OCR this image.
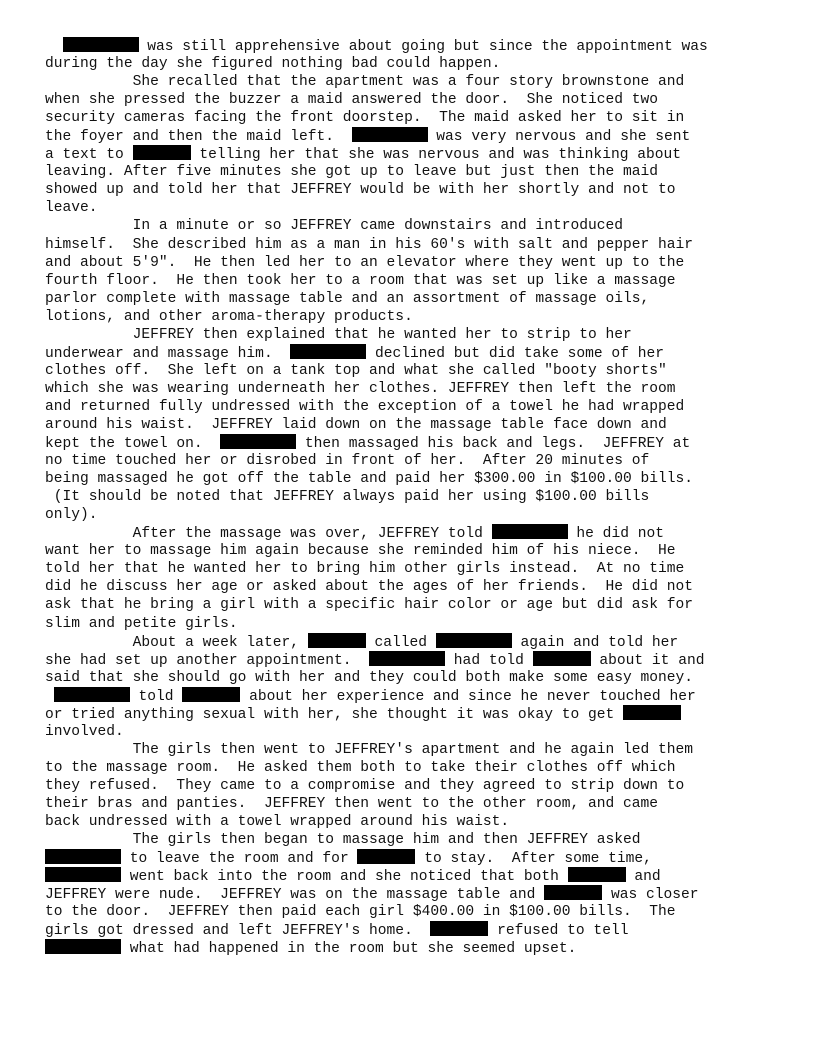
was still apprehensive about going but since the appointment was
during the day she figured nothing bad could happen.
She recalled that the apartment was a four story brownstone and
when she pressed the buzzer a maid answered the door.  She noticed two
security cameras facing the front doorstep.  The maid asked her to sit in
the foyer and then the maid left.	was very nervous and she sent
a text to	telling her that she was nervous and was thinking about
leaving. After five minutes she got up to leave but just then the maid
showed up and told her that JEFFREY would be with her shortly and not to
leave.
In a minute or so JEFFREY came downstairs and introduced
himself.  She described him as a man in his 60's with salt and pepper hair
and about 5'9".  He then led her to an elevator where they went up to the
fourth floor.  He then took her to a room that was set up like a massage
parlor complete with massage table and an assortment of massage oils,
lotions, and other aroma-therapy products.
JEFFREY then explained that he wanted her to strip to her
underwear and massage him.	declined but did take some of her
clothes off.  She left on a tank top and what she called "booty shorts"
which she was wearing underneath her clothes. JEFFREY then left the room
and returned fully undressed with the exception of a towel he had wrapped
around his waist.  JEFFREY laid down on the massage table face down and
kept the towel on.	then massaged his back and legs.  JEFFREY at
no time touched her or disrobed in front of her.  After 20 minutes of
being massaged he got off the table and paid her $300.00 in $100.00 bills.
(It should be noted that JEFFREY always paid her using $100.00 bills
only).
After the massage was over, JEFFREY told	he did not
want her to massage him again because she reminded him of his niece.  He
told her that he wanted her to bring him other girls instead.  At no time
did he discuss her age or asked about the ages of her friends.  He did not
ask that he bring a girl with a specific hair color or age but did ask for
slim and petite girls.
About a week later,	called	again and told her
she had set up another appointment.	had told	about it and
said that she should go with her and they could both make some easy money.
told	about her experience and since he never touched her
or tried anything sexual with her, she thought it was okay to get
involved.
The girls then went to JEFFREY's apartment and he again led them
to the massage room.  He asked them both to take their clothes off which
they refused.  They came to a compromise and they agreed to strip down to
their bras and panties.  JEFFREY then went to the other room, and came
back undressed with a towel wrapped around his waist.
The girls then began to massage him and then JEFFREY asked
to leave the room and for	to stay.  After some time,
went back into the room and she noticed that both	and
JEFFREY were nude.  JEFFREY was on the massage table and	was closer
to the door.  JEFFREY then paid each girl $400.00 in $100.00 bills.  The
girls got dressed and left JEFFREY's home.	refused to tell
what had happened in the room but she seemed upset.
